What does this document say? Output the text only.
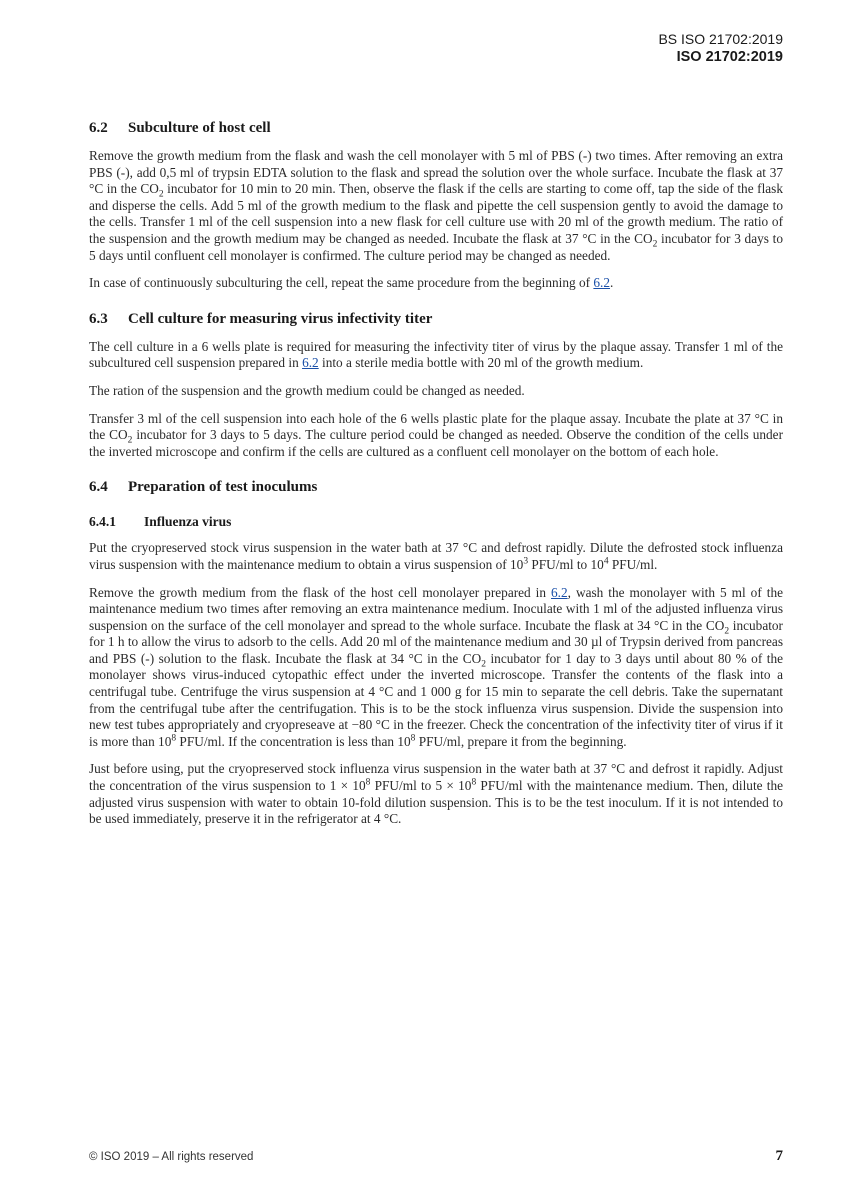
BS ISO 21702:2019
ISO 21702:2019
6.2 Subculture of host cell

Remove the growth medium from the flask and wash the cell monolayer with 5 ml of PBS (-) two times. After removing an extra PBS (-), add 0,5 ml of trypsin EDTA solution to the flask and spread the solution over the whole surface. Incubate the flask at 37 °C in the $CO_2$ incubator for 10 min to 20 min. Then, observe the flask if the cells are starting to come off, tap the side of the flask and disperse the cells. Add 5 ml of the growth medium to the flask and pipette the cell suspension gently to avoid the damage to the cells. Transfer 1 ml of the cell suspension into a new flask for cell culture use with 20 ml of the growth medium. The ratio of the suspension and the growth medium may be changed as needed. Incubate the flask at 37 °C in the $CO_2$ incubator for 3 days to 5 days until confluent cell monolayer is confirmed. The culture period may be changed as needed.

In case of continuously subculturing the cell, repeat the same procedure from the beginning of 6.2.

6.3 Cell culture for measuring virus infectivity titer

The cell culture in a 6 wells plate is required for measuring the infectivity titer of virus by the plaque assay. Transfer 1 ml of the subcultured cell suspension prepared in 6.2 into a sterile media bottle with 20 ml of the growth medium.

The ration of the suspension and the growth medium could be changed as needed.

Transfer 3 ml of the cell suspension into each hole of the 6 wells plastic plate for the plaque assay. Incubate the plate at 37 °C in the $CO_2$ incubator for 3 days to 5 days. The culture period could be changed as needed. Observe the condition of the cells under the inverted microscope and confirm if the cells are cultured as a confluent cell monolayer on the bottom of each hole.

6.4 Preparation of test inoculums
6.4.1 Influenza virus

Put the cryopreserved stock virus suspension in the water bath at 37 °C and defrost rapidly. Dilute the defrosted stock influenza virus suspension with the maintenance medium to obtain a virus suspension of $10^3$ PFU/ml to $10^4$ PFU/ml.

Remove the growth medium from the flask of the host cell monolayer prepared in 6.2, wash the monolayer with 5 ml of the maintenance medium two times after removing an extra maintenance medium. Inoculate with 1 ml of the adjusted influenza virus suspension on the surface of the cell monolayer and spread to the whole surface. Incubate the flask at 34 °C in the $CO_2$ incubator for 1 h to allow the virus to adsorb to the cells. Add 20 ml of the maintenance medium and 30 µl of Trypsin derived from pancreas and PBS (-) solution to the flask. Incubate the flask at 34 °C in the $CO_2$ incubator for 1 day to 3 days until about 80 % of the monolayer shows virus-induced cytopathic effect under the inverted microscope. Transfer the contents of the flask into a centrifugal tube. Centrifuge the virus suspension at 4 °C and 1 000 g for 15 min to separate the cell debris. Take the supernatant from the centrifugal tube after the centrifugation. This is to be the stock influenza virus suspension. Divide the suspension into new test tubes appropriately and cryopreseave at −80 °C in the freezer. Check the concentration of the infectivity titer of virus if it is more than $10^8$ PFU/ml. If the concentration is less than $10^8$ PFU/ml, prepare it from the beginning.

Just before using, put the cryopreserved stock influenza virus suspension in the water bath at 37 °C and defrost it rapidly. Adjust the concentration of the virus suspension to $1 \times 10^8$ PFU/ml to $5 \times 10^8$ PFU/ml with the maintenance medium. Then, dilute the adjusted virus suspension with water to obtain 10-fold dilution suspension. This is to be the test inoculum. If it is not intended to be used immediately, preserve it in the refrigerator at 4 °C.

© ISO 2019 – All rights reserved	7
